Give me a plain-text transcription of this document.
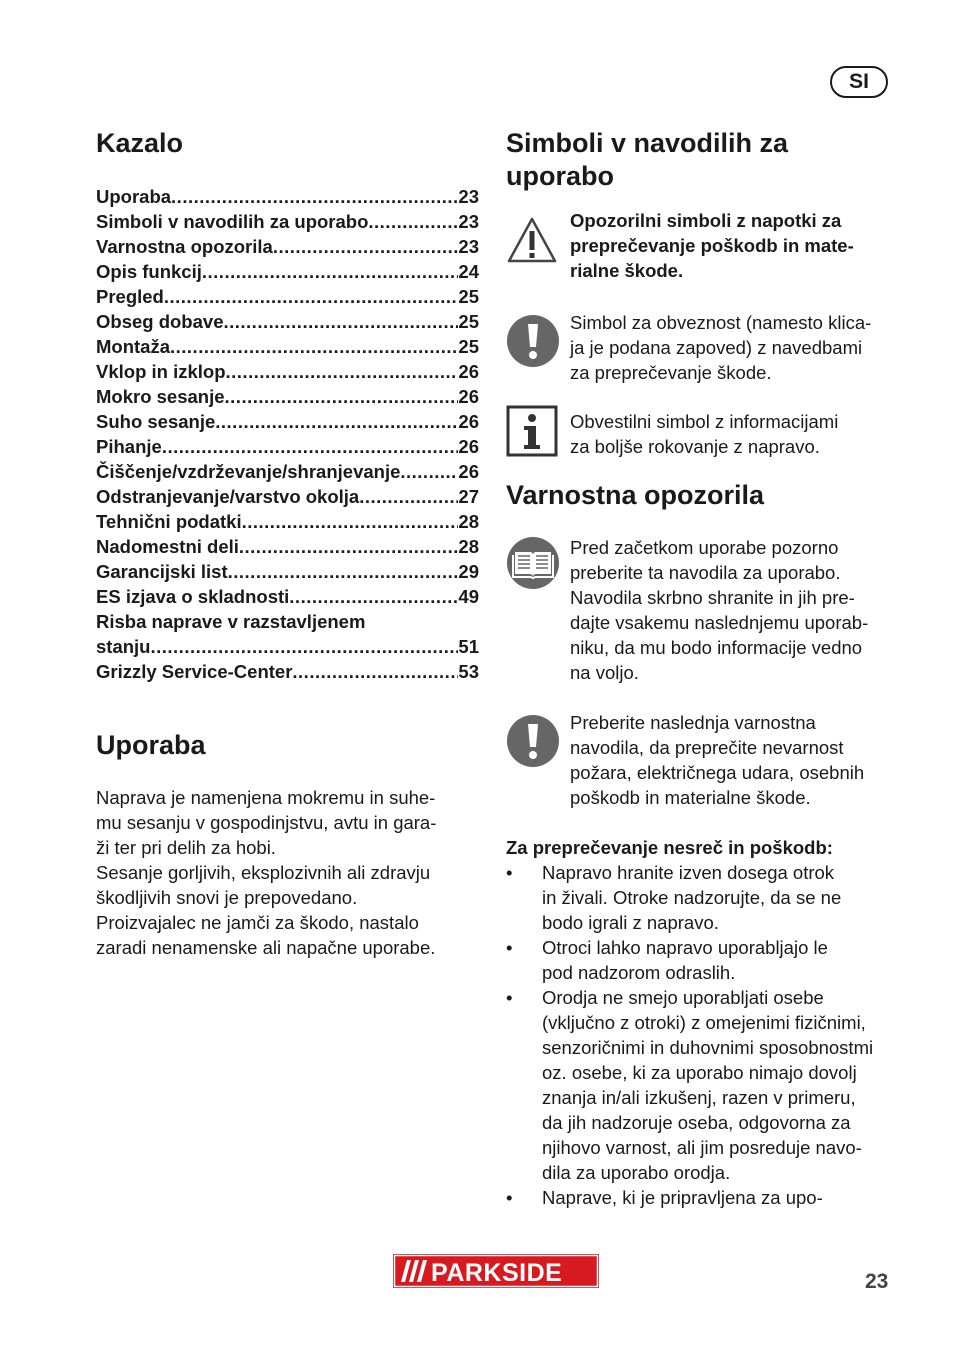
SI
Kazalo
Uporaba .....	23
Simboli v navodilih za uporabo .....	23
Varnostna opozorila .....	23
Opis funkcij .....	24
Pregled .....	25
Obseg dobave .....	25
Montaža .....	25
Vklop in izklop .....	26
Mokro sesanje .....	26
Suho sesanje .....	26
Pihanje .....	26
Čiščenje/vzdrževanje/shranjevanje .....	26
Odstranjevanje/varstvo okolja .....	27
Tehnični podatki .....	28
Nadomestni deli .....	28
Garancijski list .....	29
ES izjava o skladnosti .....	49
Risba naprave v razstavljenem
stanju .....	51
Grizzly Service-Center .....	53
Uporaba
Naprava je namenjena mokremu in suhe-
mu sesanju v gospodinjstvu, avtu in gara-
ži ter pri delih za hobi.
Sesanje gorljivih, eksplozivnih ali zdravju
škodljivih snovi je prepovedano.
Proizvajalec ne jamči za škodo, nastalo
zaradi nenamenske ali napačne uporabe.
Simboli v navodilih za
uporabo
Opozorilni simboli z napotki za
preprečevanje poškodb in mate-
rialne škode.
Simbol za obveznost (namesto klica-
ja je podana zapoved) z navedbami
za preprečevanje škode.
Obvestilni simbol z informacijami
za boljše rokovanje z napravo.
Varnostna opozorila
Pred začetkom uporabe pozorno
preberite ta navodila za uporabo.
Navodila skrbno shranite in jih pre-
dajte vsakemu naslednjemu uporab-
niku, da mu bodo informacije vedno
na voljo.
Preberite naslednja varnostna
navodila, da preprečite nevarnost
požara, električnega udara, osebnih
poškodb in materialne škode.
Za preprečevanje nesreč in poškodb:
• Napravo hranite izven dosega otrok
in živali. Otroke nadzorujte, da se ne
bodo igrali z napravo.
• Otroci lahko napravo uporabljajo le
pod nadzorom odraslih.
• Orodja ne smejo uporabljati osebe
(vključno z otroki) z omejenimi fizičnimi,
senzoričnimi in duhovnimi sposobnostmi
oz. osebe, ki za uporabo nimajo dovolj
znanja in/ali izkušenj, razen v primeru,
da jih nadzoruje oseba, odgovorna za
njihovo varnost, ali jim posreduje navo-
dila za uporabo orodja.
• Naprave, ki je pripravljena za upo-
PARKSIDE	23
